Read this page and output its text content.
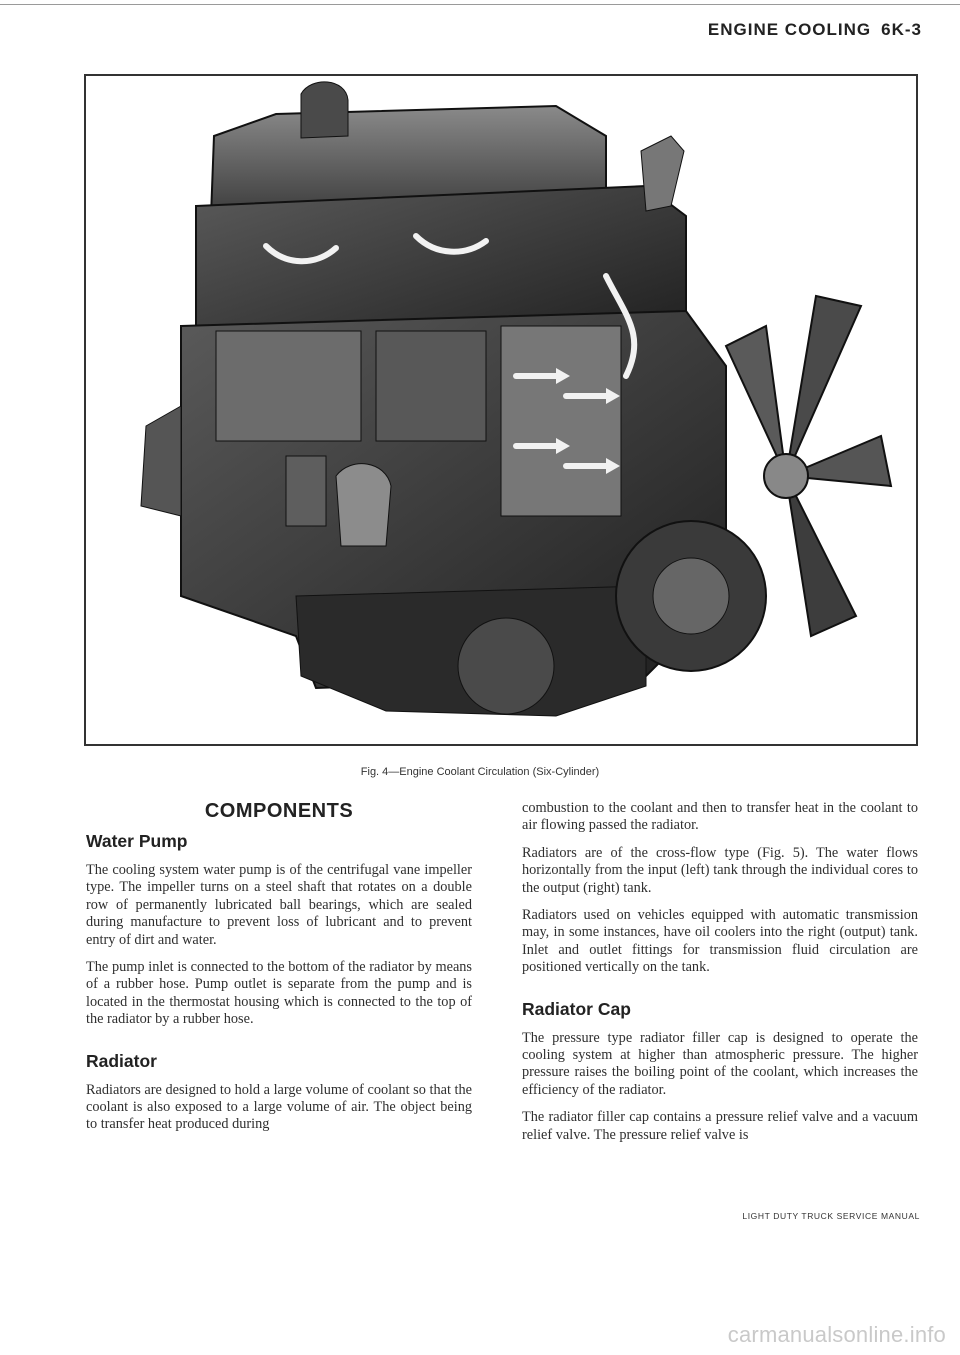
ENGINE COOLING 6K-3
Fig. 4—Engine Coolant Circulation (Six-Cylinder)
COMPONENTS
Water Pump

The cooling system water pump is of the centrifugal vane impeller type. The impeller turns on a steel shaft that rotates on a double row of permanently lubricated ball bearings, which are sealed during manufacture to prevent loss of lubricant and to prevent entry of dirt and water.

The pump inlet is connected to the bottom of the radiator by means of a rubber hose. Pump outlet is separate from the pump and is located in the thermostat housing which is connected to the top of the radiator by a rubber hose.

Radiator

Radiators are designed to hold a large volume of coolant so that the coolant is also exposed to a large volume of air. The object being to transfer heat produced during

combustion to the coolant and then to transfer heat in the coolant to air flowing passed the radiator.

Radiators are of the cross-flow type (Fig. 5). The water flows horizontally from the input (left) tank through the individual cores to the output (right) tank.

Radiators used on vehicles equipped with automatic transmission may, in some instances, have oil coolers into the right (output) tank. Inlet and outlet fittings for transmission fluid circulation are positioned vertically on the tank.

Radiator Cap

The pressure type radiator filler cap is designed to operate the cooling system at higher than atmospheric pressure. The higher pressure raises the boiling point of the coolant, which increases the efficiency of the radiator.

The radiator filler cap contains a pressure relief valve and a vacuum relief valve. The pressure relief valve is

LIGHT DUTY TRUCK SERVICE MANUAL
carmanualsonline.info
